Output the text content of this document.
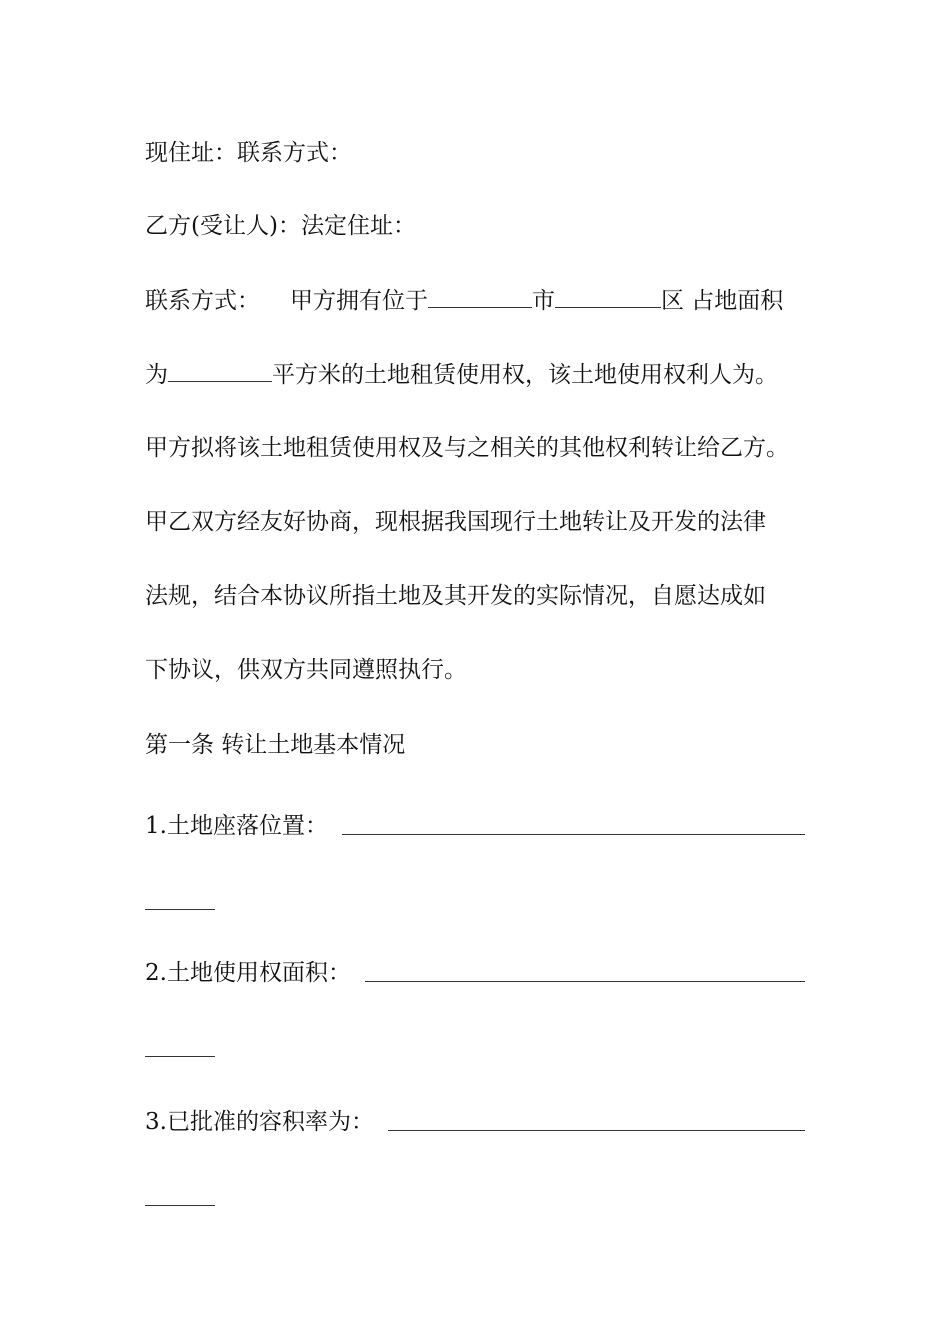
现住址：联系方式：
乙方(受让人)：法定住址：
联系方式： 甲方拥有位于	市	区 占地面积
为	平方米的土地租赁使用权，该土地使用权利人为。
甲方拟将该土地租赁使用权及与之相关的其他权利转让给乙方。
甲乙双方经友好协商，现根据我国现行土地转让及开发的法律
法规，结合本协议所指土地及其开发的实际情况，自愿达成如
下协议，供双方共同遵照执行。
第一条 转让土地基本情况
1.土地座落位置：
2.土地使用权面积：
3.已批准的容积率为：
